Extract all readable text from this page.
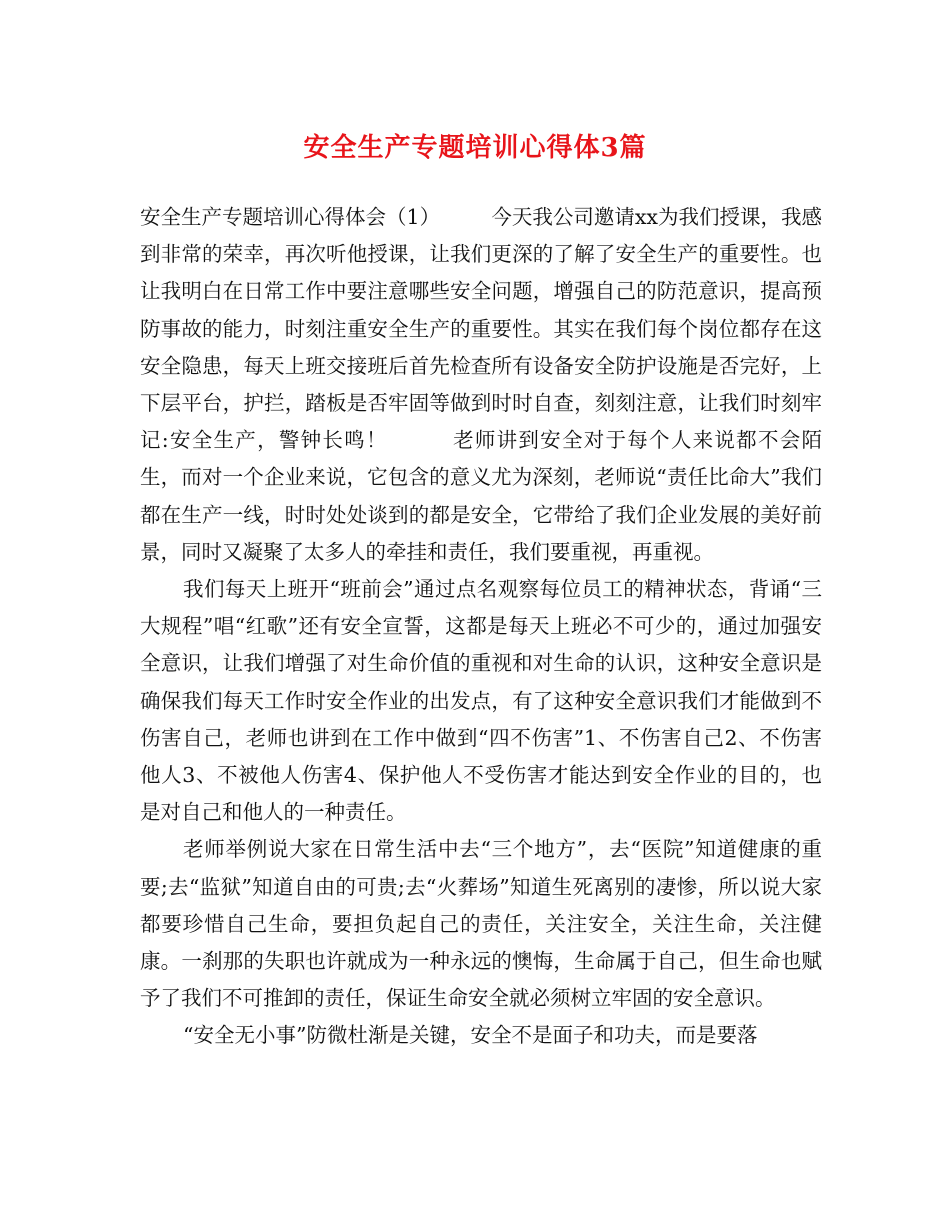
安全生产专题培训心得体3篇

安全生产专题培训心得体会（1）　　　今天我公司邀请xx为我们授课，我感到非常的荣幸，再次听他授课，让我们更深的了解了安全生产的重要性。也让我明白在日常工作中要注意哪些安全问题，增强自己的防范意识，提高预防事故的能力，时刻注重安全生产的重要性。其实在我们每个岗位都存在这安全隐患，每天上班交接班后首先检查所有设备安全防护设施是否完好，上下层平台，护拦，踏板是否牢固等做到时时自查，刻刻注意，让我们时刻牢记:安全生产，警钟长鸣！　　　老师讲到安全对于每个人来说都不会陌生，而对一个企业来说，它包含的意义尤为深刻，老师说“责任比命大”我们都在生产一线，时时处处谈到的都是安全，它带给了我们企业发展的美好前景，同时又凝聚了太多人的牵挂和责任，我们要重视，再重视。

我们每天上班开“班前会”通过点名观察每位员工的精神状态，背诵“三大规程”唱“红歌”还有安全宣誓，这都是每天上班必不可少的，通过加强安全意识，让我们增强了对生命价值的重视和对生命的认识，这种安全意识是确保我们每天工作时安全作业的出发点，有了这种安全意识我们才能做到不伤害自己，老师也讲到在工作中做到“四不伤害”1、不伤害自己2、不伤害他人3、不被他人伤害4、保护他人不受伤害才能达到安全作业的目的，也是对自己和他人的一种责任。

老师举例说大家在日常生活中去“三个地方”，去“医院”知道健康的重要;去“监狱”知道自由的可贵;去“火葬场”知道生死离别的凄惨，所以说大家都要珍惜自己生命，要担负起自己的责任，关注安全，关注生命，关注健康。一刹那的失职也许就成为一种永远的懊悔，生命属于自己，但生命也赋予了我们不可推卸的责任，保证生命安全就必须树立牢固的安全意识。

“安全无小事”防微杜渐是关键，安全不是面子和功夫，而是要落
